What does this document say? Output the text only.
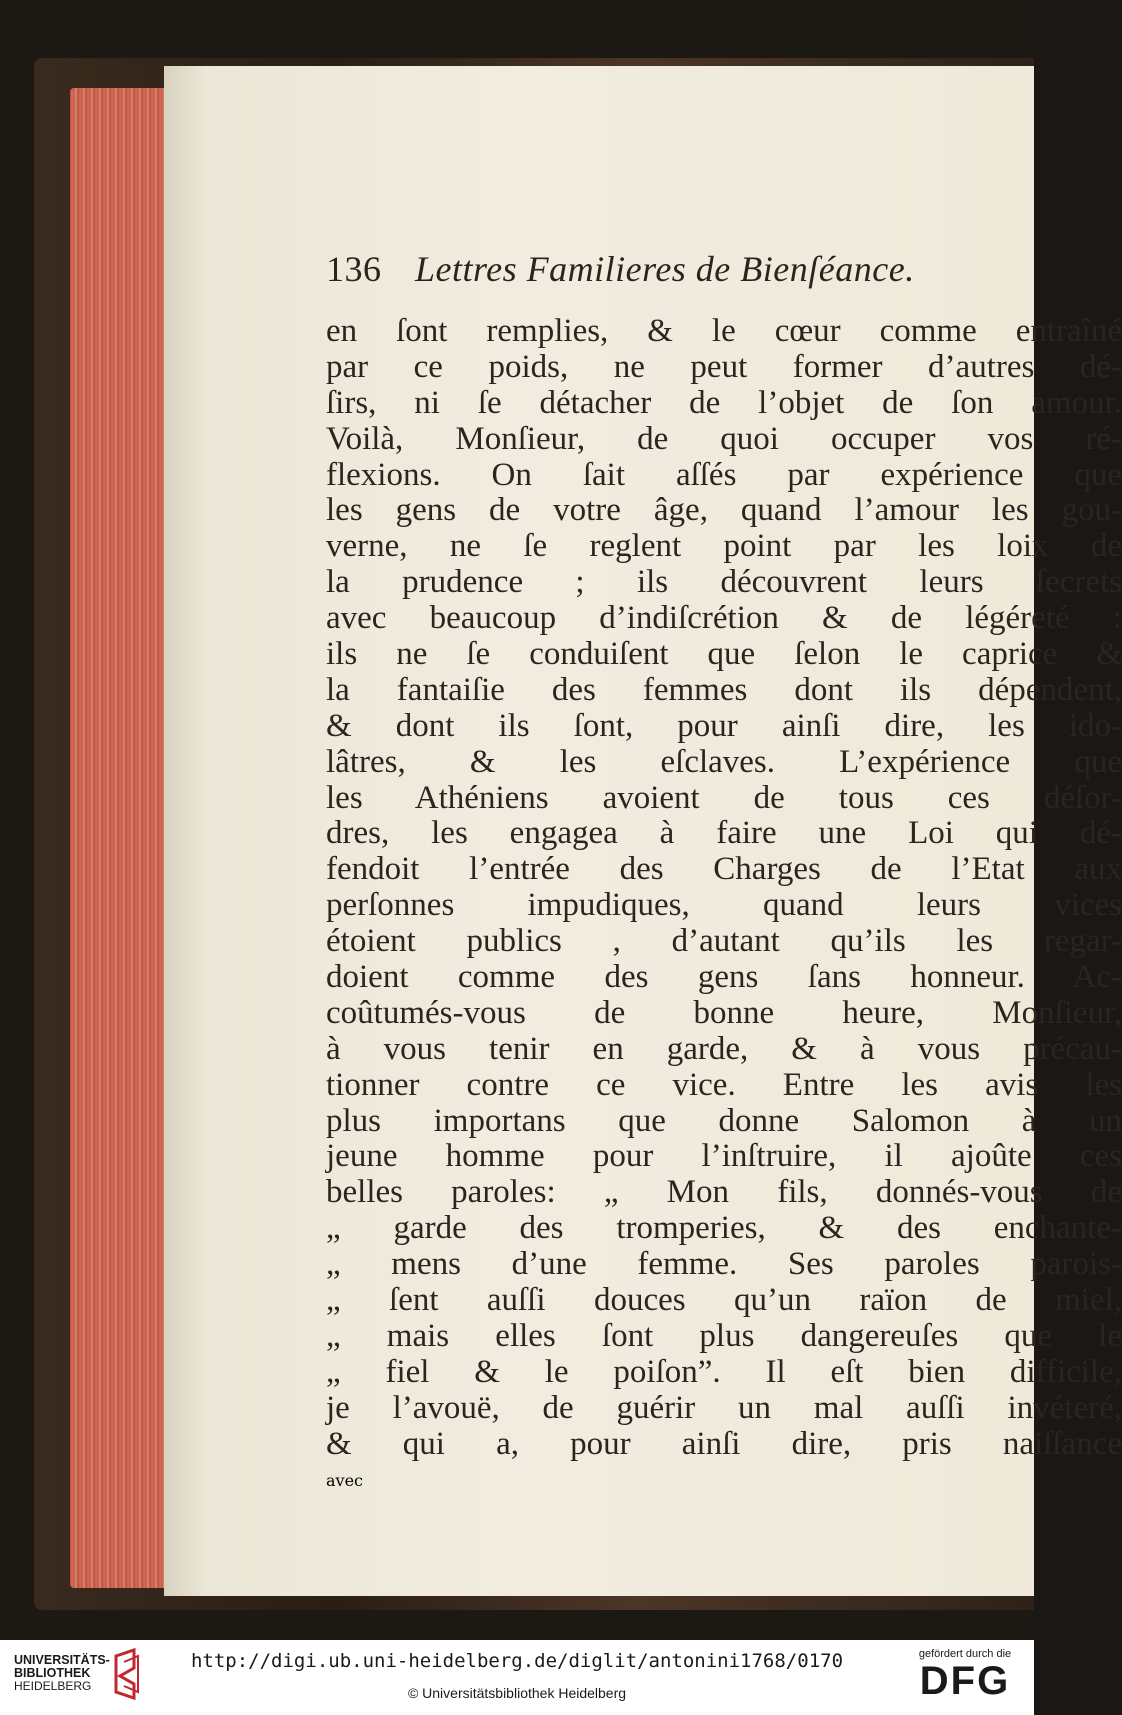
136 Lettres Familieres de Bienſéance.
en ſont remplies, & le cœur comme entraîné
par ce poids, ne peut former d’autres dé-
ſirs, ni ſe détacher de l’objet de ſon amour.
Voilà, Monſieur, de quoi occuper vos ré-
flexions. On ſait aſſés par expérience que
les gens de votre âge, quand l’amour les gou-
verne, ne ſe reglent point par les loix de
la prudence ; ils découvrent leurs ſecrets
avec beaucoup d’indiſcrétion & de légéreté :
ils ne ſe conduiſent que ſelon le caprice &
la fantaiſie des femmes dont ils dépendent,
& dont ils ſont, pour ainſi dire, les ido-
lâtres, & les eſclaves. L’expérience que
les Athéniens avoient de tous ces déſor-
dres, les engagea à faire une Loi qui dé-
fendoit l’entrée des Charges de l’Etat aux
perſonnes impudiques, quand leurs vices
étoient publics , d’autant qu’ils les regar-
doient comme des gens ſans honneur. Ac-
coûtumés-vous de bonne heure, Monſieur,
à vous tenir en garde, & à vous précau-
tionner contre ce vice. Entre les avis les
plus importans que donne Salomon à un
jeune homme pour l’inſtruire, il ajoûte ces
belles paroles: „ Mon fils, donnés-vous de
„ garde des tromperies, & des enchante-
„ mens d’une femme. Ses paroles parois-
„ ſent auſſi douces qu’un raïon de miel,
„ mais elles ſont plus dangereuſes que le
„ fiel & le poiſon”. Il eſt bien difficile,
je l’avouë, de guérir un mal auſſi invéteré,
& qui a, pour ainſi dire, pris naiſſance
avec
UNIVERSITÄTS-
BIBLIOTHEK
HEIDELBERG
http://digi.ub.uni-heidelberg.de/diglit/antonini1768/0170
© Universitätsbibliothek Heidelberg
gefördert durch die
DFG
